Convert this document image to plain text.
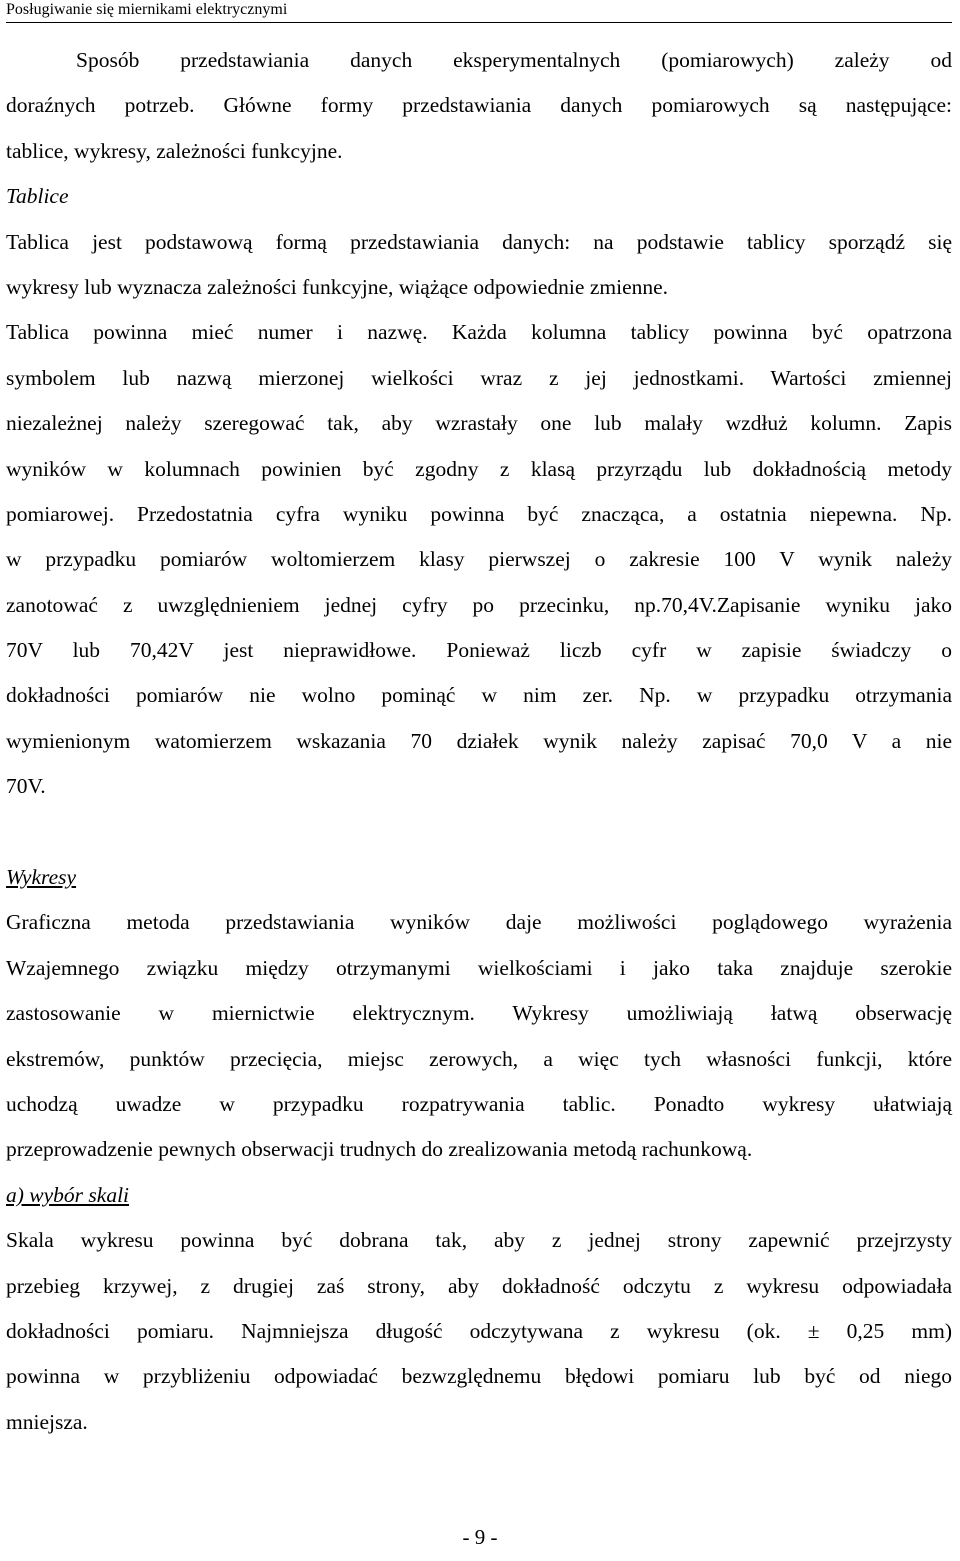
Posługiwanie się miernikami elektrycznymi
Sposób przedstawiania danych eksperymentalnych (pomiarowych) zależy od
doraźnych potrzeb. Główne formy przedstawiania danych pomiarowych są następujące:
tablice, wykresy, zależności funkcyjne.
Tablice
Tablica jest podstawową formą przedstawiania danych: na podstawie tablicy sporządź się
wykresy lub wyznacza zależności funkcyjne, wiążące odpowiednie zmienne.
Tablica powinna mieć numer i nazwę. Każda kolumna tablicy powinna być opatrzona
symbolem lub nazwą mierzonej wielkości wraz z jej jednostkami. Wartości zmiennej
niezależnej należy szeregować tak, aby wzrastały one lub malały wzdłuż kolumn. Zapis
wyników w kolumnach powinien być zgodny z klasą przyrządu lub dokładnością metody
pomiarowej. Przedostatnia cyfra wyniku powinna być znacząca, a ostatnia niepewna. Np.
w przypadku pomiarów woltomierzem klasy pierwszej o zakresie 100 V wynik należy
zanotować z uwzględnieniem jednej cyfry po przecinku, np.70,4V.Zapisanie wyniku jako
70V lub 70,42V jest nieprawidłowe. Ponieważ liczb cyfr w zapisie świadczy o
dokładności pomiarów nie wolno pominąć w nim zer. Np. w przypadku otrzymania
wymienionym watomierzem wskazania 70 działek wynik należy zapisać 70,0 V a nie
70V.
Wykresy
Graficzna metoda przedstawiania wyników daje możliwości poglądowego wyrażenia
Wzajemnego związku między otrzymanymi wielkościami i jako taka znajduje szerokie
zastosowanie w miernictwie elektrycznym. Wykresy umożliwiają łatwą obserwację
ekstremów, punktów przecięcia, miejsc zerowych, a więc tych własności funkcji, które
uchodzą uwadze w przypadku rozpatrywania tablic. Ponadto wykresy ułatwiają
przeprowadzenie pewnych obserwacji trudnych do zrealizowania metodą rachunkową.
a) wybór skali
Skala wykresu powinna być dobrana tak, aby z jednej strony zapewnić przejrzysty
przebieg krzywej, z drugiej zaś strony, aby dokładność odczytu z wykresu odpowiadała
dokładności pomiaru. Najmniejsza długość odczytywana z wykresu (ok. ± 0,25 mm)
powinna w przybliżeniu odpowiadać bezwzględnemu błędowi pomiaru lub być od niego
mniejsza.
- 9 -
